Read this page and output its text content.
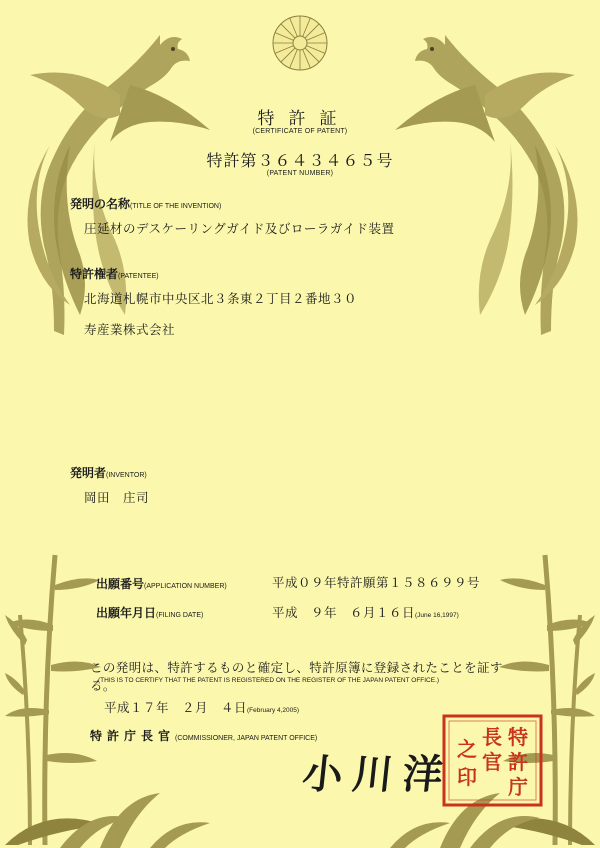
特許証
(CERTIFICATE OF PATENT)
特許第３６４３４６５号
(PATENT NUMBER)
発明の名称(TITLE OF THE INVENTION)
圧延材のデスケーリングガイド及びローラガイド装置
特許権者(PATENTEE)
北海道札幌市中央区北３条東２丁目２番地３０
寿産業株式会社
発明者(INVENTOR)
岡田　庄司
出願番号(APPLICATION NUMBER)	平成０９年特許願第１５８６９９号
出願年月日(FILING DATE)	平成　９年　６月１６日(June 16,1997)
この発明は、特許するものと確定し、特許原簿に登録されたことを証する。
(THIS IS TO CERTIFY THAT THE PATENT IS REGISTERED ON THE REGISTER OF THE JAPAN PATENT OFFICE.)
平成１７年　２月　４日(February 4,2005)
特許庁長官(COMMISSIONER, JAPAN PATENT OFFICE)
小川洋
特
許
庁
長
官
之
印
